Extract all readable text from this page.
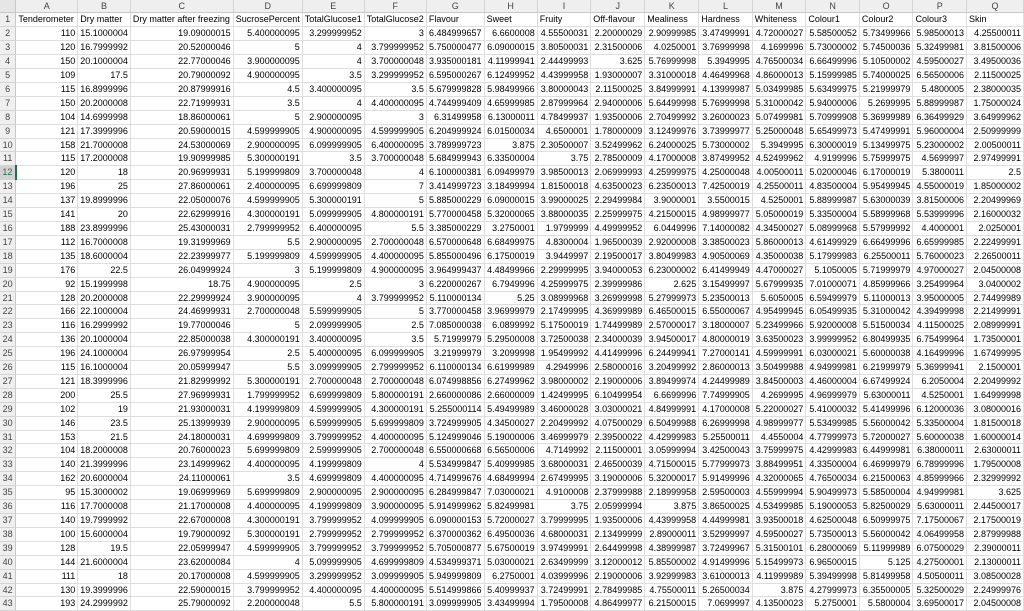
	A	B	C	D	E	F	G	H	I	J	K	L	M	N	O	P	Q
1	Tenderometer	Dry matter	Dry matter after freezing	SucrosePercent	TotalGlucose1	TotalGlucose2	Flavour	Sweet	Fruity	Off-flavour	Mealiness	Hardness	Whiteness	Colour1	Colour2	Colour3	Skin
2	110	15.1000004	19.09000015	5.400000095	3.299999952	3	6.484999657	6.6600008	4.55500031	2.20000029	2.90999985	3.47499991	4.72000027	5.58500052	5.73499966	5.98500013	4.25500011
3	120	16.7999992	20.52000046	5	4	3.799999952	5.750000477	6.09000015	3.80500031	2.31500006	4.0250001	3.76999998	4.1699996	5.73000002	5.74500036	5.32499981	3.81500006
4	150	20.1000004	22.77000046	3.900000095	4	3.700000048	3.935000181	4.11999941	2.44499993	3.625	5.76999998	5.3949995	4.76500034	6.66499996	5.10500002	4.59500027	3.49500036
5	109	17.5	20.79000092	4.900000095	3.5	3.299999952	6.595000267	6.12499952	4.43999958	1.93000007	3.31000018	4.46499968	4.86000013	5.15999985	5.74000025	6.56500006	2.11500025
6	115	16.8999996	20.87999916	4.5	3.400000095	3.5	5.679999828	5.98499966	3.80000043	2.11500025	3.84999991	4.13999987	5.03499985	5.63499975	5.21999979	5.4800005	2.38000035
7	150	20.2000008	22.71999931	3.5	4	4.400000095	4.744999409	4.65999985	2.87999964	2.94000006	5.64499998	5.76999998	5.31000042	5.94000006	5.2699995	5.88999987	1.75000024
8	104	14.6999998	18.86000061	5	2.900000095	3	6.31499958	6.13000011	4.78499937	1.93500006	2.70499992	3.26000023	5.07499981	5.70999908	5.36999989	6.36499929	3.64999962
9	121	17.3999996	20.59000015	4.599999905	4.900000095	4.599999905	6.204999924	6.01500034	4.6500001	1.78000009	3.12499976	3.73999977	5.25000048	5.65499973	5.47499991	5.96000004	2.50999999
10	158	21.7000008	24.53000069	2.900000095	6.099999905	6.400000095	3.789999723	3.875	2.30500007	3.52499962	6.24000025	5.73000002	5.3949995	6.30000019	5.13499975	5.23000002	2.00500011
11	115	17.2000008	19.90999985	5.300000191	3.5	3.700000048	5.684999943	6.33500004	3.75	2.78500009	4.17000008	3.87499952	4.52499962	4.9199996	5.75999975	4.5699997	2.97499991
12	120	18	20.96999931	5.199999809	3.700000048	4	6.100000381	6.09499979	3.98500013	2.06999993	4.25999975	4.25000048	4.00500011	5.02000046	6.17000019	5.3800011	2.5
13	196	25	27.86000061	2.400000095	6.699999809	7	3.414999723	3.18499994	1.81500018	4.63500023	6.23500013	7.42500019	4.25500011	4.83500004	5.95499945	4.55000019	1.85000002
14	137	19.8999996	22.05000076	4.599999905	5.300000191	5	5.885000229	6.09000015	3.99000025	2.29499984	3.9000001	3.5500015	4.5250001	5.88999987	5.63000039	3.81500006	2.20499969
15	141	20	22.62999916	4.300000191	5.099999905	4.800000191	5.770000458	5.32000065	3.88000035	2.25999975	4.21500015	4.98999977	5.05000019	5.33500004	5.58999968	5.53999996	2.16000032
16	188	23.8999996	25.43000031	2.799999952	6.400000095	5.5	3.385000229	3.2750001	1.9799999	4.49999952	6.0449996	7.14000082	4.34500027	5.08999968	5.57999992	4.4000001	2.0250001
17	112	16.7000008	19.31999969	5.5	2.900000095	2.700000048	6.570000648	6.68499975	4.8300004	1.96500039	2.92000008	3.38500023	5.86000013	4.61499929	6.66499996	6.65999985	2.22499991
18	135	18.6000004	22.23999977	5.199999809	4.599999905	4.400000095	5.855000496	6.17500019	3.9449997	2.19500017	3.80499983	4.90500069	4.35000038	5.17999983	6.25500011	5.76000023	2.26500011
19	176	22.5	26.04999924	3	5.199999809	4.900000095	3.964999437	4.48499966	2.29999995	3.94000053	6.23000002	6.41499949	4.47000027	5.1050005	5.71999979	4.97000027	2.04500008
20	92	15.1999998	18.75	4.900000095	2.5	3	6.220000267	6.7949996	4.25999975	2.39999986	2.625	3.15499997	5.67999935	7.01000071	4.85999966	3.25499964	3.0400002
21	128	20.2000008	22.29999924	3.900000095	4	3.799999952	5.110000134	5.25	3.08999968	3.26999998	5.27999973	5.23500013	5.6050005	6.59499979	5.11000013	3.95000005	2.74499989
22	166	22.1000004	24.46999931	2.700000048	5.599999905	5	3.770000458	3.96999979	2.17499995	4.36999989	6.46500015	6.55000067	4.95499945	6.05499935	5.31000042	4.39499998	2.21499991
23	116	16.2999992	19.77000046	5	2.099999905	2.5	7.085000038	6.0899992	5.17500019	1.74499989	2.57000017	3.18000007	5.23499966	5.92000008	5.51500034	4.11500025	2.08999991
24	136	20.1000004	22.85000038	4.300000191	3.400000095	3.5	5.71999979	5.29500008	3.72500038	2.34000039	3.94500017	4.80000019	3.63500023	3.99999952	6.80499935	6.75499964	1.73500001
25	196	24.1000004	26.97999954	2.5	5.400000095	6.099999905	3.21999979	3.2099998	1.95499992	4.41499996	6.24499941	7.27000141	4.59999991	6.03000021	5.60000038	4.16499996	1.67499995
26	115	16.1000004	20.05999947	5.5	3.099999905	2.799999952	6.110000134	6.61999989	4.2949996	2.58000016	3.20499992	2.86000013	3.50499988	4.94999981	6.21999979	5.36999941	2.1500001
27	121	18.3999996	21.82999992	5.300000191	2.700000048	2.700000048	6.074998856	6.27499962	3.98000002	2.19000006	3.89499974	4.24499989	3.84500003	4.46000004	6.67499924	6.2050004	2.20499992
28	200	25.5	27.96999931	1.799999952	6.699999809	5.800000191	2.660000086	2.66000009	1.42499995	6.10499954	6.6699996	7.74999905	4.2699995	4.96999979	5.63000011	4.5250001	1.64999998
29	102	19	21.93000031	4.199999809	4.599999905	4.300000191	5.255000114	5.49499989	3.46000028	3.03000021	4.84999991	4.17000008	5.22000027	5.41000032	5.41499996	6.12000036	3.08000016
30	146	23.5	25.13999939	2.900000095	6.599999905	5.699999809	3.724999905	4.34500027	2.20499992	4.07500029	6.50499988	6.26999998	4.98999977	5.53499985	5.56000042	5.33500004	1.81500018
31	153	21.5	24.18000031	4.699999809	3.799999952	4.400000095	5.124999046	5.19000006	3.46999979	2.39500022	4.42999983	5.25500011	4.4550004	4.77999973	5.72000027	5.60000038	1.60000014
32	104	18.2000008	20.76000023	5.699999809	2.599999905	2.700000048	6.550000668	6.56500006	4.7149992	2.11500001	3.05999994	3.42500043	3.75999975	4.42999983	6.44999981	6.38000011	2.63000011
33	140	21.3999996	23.14999962	4.400000095	4.199999809	4	5.534999847	5.40999985	3.68000031	2.46500039	4.71500015	5.77999973	3.88499951	4.33500004	6.46999979	6.78999996	1.79500008
34	162	20.6000004	24.11000061	3.5	4.699999809	4.400000095	4.714999676	4.68499994	2.67499995	3.19000006	5.32000017	5.91499996	4.32000065	4.76500034	6.21500063	4.85999966	2.32999992
35	95	15.3000002	19.06999969	5.699999809	2.900000095	2.900000095	6.284999847	7.03000021	4.9100008	2.37999988	2.18999958	2.59500003	4.55999994	5.90499973	5.58500004	4.94999981	3.625
36	116	17.7000008	21.17000008	4.400000095	4.199999809	3.900000095	5.914999962	5.82499981	3.75	2.05999994	3.875	3.86500025	4.53499985	5.19000053	5.82500029	5.63000011	2.44500017
37	140	19.7999992	22.67000008	4.300000191	3.799999952	4.099999905	6.090000153	5.72000027	3.79999995	1.93500006	4.43999958	4.44999981	3.93500018	4.62500048	6.50999975	7.17500067	2.17500019
38	100	15.6000004	19.79000092	5.300000191	2.799999952	2.799999952	6.370000362	6.49500036	4.68000031	2.13499999	2.89000011	3.52999997	4.59500027	5.73500013	5.56000042	4.06499958	2.87999988
39	128	19.5	22.05999947	4.599999905	3.799999952	3.799999952	5.705000877	5.67500019	3.97499991	2.64499998	4.38999987	3.72499967	5.31500101	6.28000069	5.11999989	6.07500029	2.39000011
40	144	21.6000004	23.62000084	4	5.099999905	4.699999809	4.534999371	5.03000021	2.63499999	3.12000012	5.85500002	4.91499996	5.15499973	6.96500015	5.125	4.27500001	2.13000011
41	111	18	20.17000008	4.599999905	3.299999952	3.099999905	5.949999809	6.2750001	4.03999996	2.19000006	3.92999983	3.61000013	4.11999989	5.39499998	5.81499958	4.50500011	3.08500028
42	130	19.3999996	22.59000015	3.799999952	4.400000095	4.400000095	5.514999866	5.40999937	3.72499991	2.78499985	4.75500011	5.26500034	3.875	4.27999973	6.35500005	5.32500029	2.24999976
43	193	24.2999992	25.79000092	2.200000048	5.5	5.800000191	3.099999905	3.43499994	1.79500008	4.86499977	6.21500015	7.0699997	4.13500023	5.2750001	5.5800004	3.69500017	2.04500008
